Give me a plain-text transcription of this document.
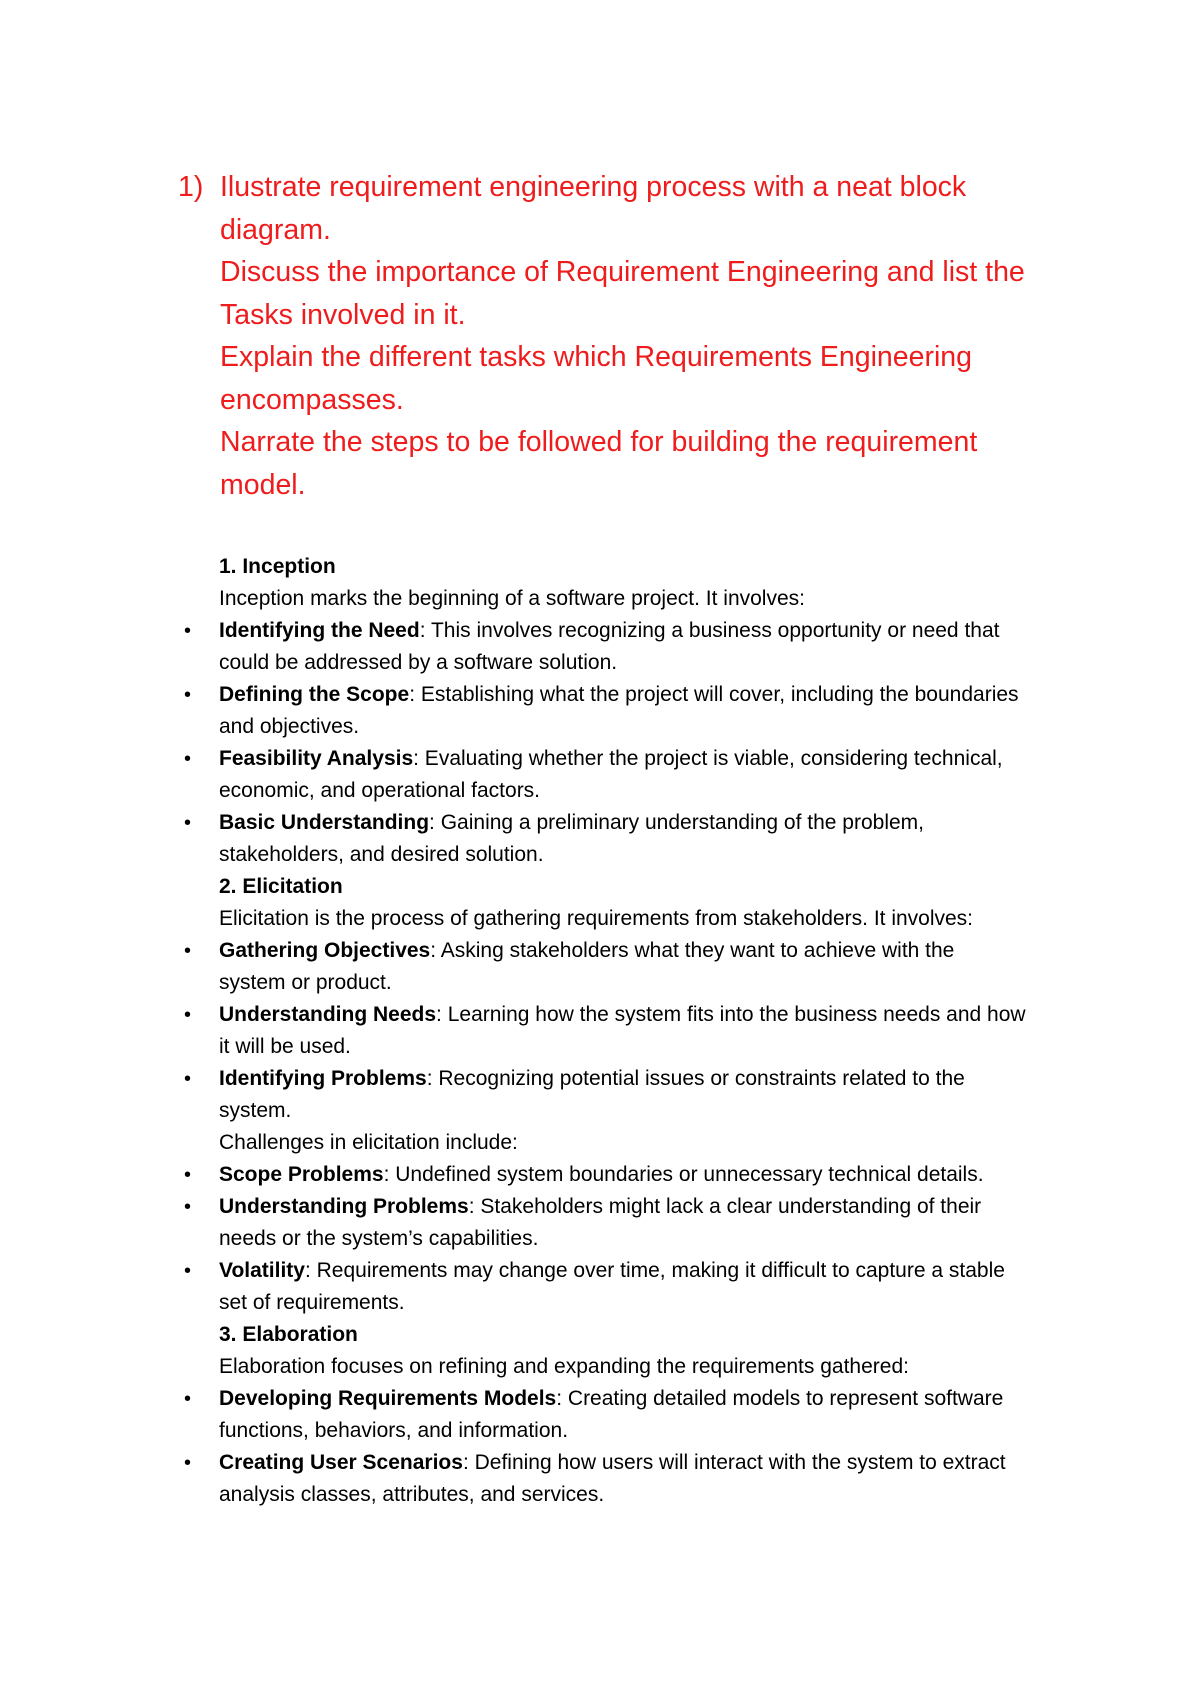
1) Ilustrate requirement engineering process with a neat block
diagram.
Discuss the importance of Requirement Engineering and list the
Tasks involved in it.
Explain the different tasks which Requirements Engineering
encompasses.
Narrate the steps to be followed for building the requirement
model.
1. Inception
Inception marks the beginning of a software project. It involves:
•	Identifying the Need: This involves recognizing a business opportunity or need that
could be addressed by a software solution.
•	Defining the Scope: Establishing what the project will cover, including the boundaries
and objectives.
•	Feasibility Analysis: Evaluating whether the project is viable, considering technical,
economic, and operational factors.
•	Basic Understanding: Gaining a preliminary understanding of the problem,
stakeholders, and desired solution.
2. Elicitation
Elicitation is the process of gathering requirements from stakeholders. It involves:
•	Gathering Objectives: Asking stakeholders what they want to achieve with the
system or product.
•	Understanding Needs: Learning how the system fits into the business needs and how
it will be used.
•	Identifying Problems: Recognizing potential issues or constraints related to the
system.
Challenges in elicitation include:
•	Scope Problems: Undefined system boundaries or unnecessary technical details.
•	Understanding Problems: Stakeholders might lack a clear understanding of their
needs or the system’s capabilities.
•	Volatility: Requirements may change over time, making it difficult to capture a stable
set of requirements.
3. Elaboration
Elaboration focuses on refining and expanding the requirements gathered:
•	Developing Requirements Models: Creating detailed models to represent software
functions, behaviors, and information.
•	Creating User Scenarios: Defining how users will interact with the system to extract
analysis classes, attributes, and services.
